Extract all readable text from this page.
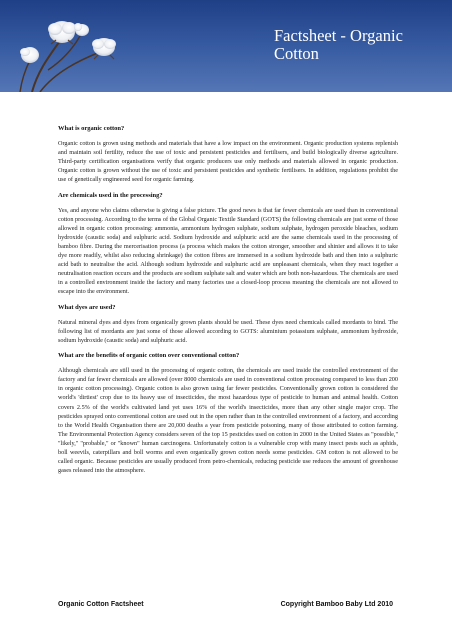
Factsheet - Organic Cotton

What is organic cotton?

Organic cotton is grown using methods and materials that have a low impact on the environment. Organic production systems replenish and maintain soil fertility, reduce the use of toxic and persistent pesticides and fertilisers, and build biologically diverse agriculture. Third-party certification organisations verify that organic producers use only methods and materials allowed in organic production. Organic cotton is grown without the use of toxic and persistent pesticides and synthetic fertilisers. In addition, regulations prohibit the use of genetically engineered seed for organic farming.

Are chemicals used in the processing?

Yes, and anyone who claims otherwise is giving a false picture. The good news is that far fewer chemicals are used than in conventional cotton processing. According to the terms of the Global Organic Textile Standard (GOTS) the following chemicals are just some of those allowed in organic cotton processing: ammonia, ammonium hydrogen sulphate, sodium sulphate, hydrogen peroxide bleaches, sodium hydroxide (caustic soda) and sulphuric acid. Sodium hydroxide and sulphuric acid are the same chemicals used in the processing of bamboo fibre. During the mercerisation process (a process which makes the cotton stronger, smoother and shinier and allows it to take dye more readily, whilst also reducing shrinkage) the cotton fibres are immersed in a sodium hydroxide bath and then into a sulphuric acid bath to neutralise the acid. Although sodium hydroxide and sulphuric acid are unpleasant chemicals, when they react together a neutralisation reaction occurs and the products are sodium sulphate salt and water which are both non-hazardous. The chemicals are used in a controlled environment inside the factory and many factories use a closed-loop process meaning the chemicals are not allowed to escape into the environment.

What dyes are used?

Natural mineral dyes and dyes from organically grown plants should be used. These dyes need chemicals called mordants to bind. The following list of mordants are just some of those allowed according to GOTS: aluminium potassium sulphate, ammonium hydroxide, sodium hydroxide (caustic soda) and sulphuric acid.

What are the benefits of organic cotton over conventional cotton?

Although chemicals are still used in the processing of organic cotton, the chemicals are used inside the controlled environment of the factory and far fewer chemicals are allowed (over 8000 chemicals are used in conventional cotton processing compared to less than 200 in organic cotton processing). Organic cotton is also grown using far fewer pesticides. Conventionally grown cotton is considered the world's 'dirtiest' crop due to its heavy use of insecticides, the most hazardous type of pesticide to human and animal health. Cotton covers 2.5% of the world's cultivated land yet uses 16% of the world's insecticides, more than any other single major crop. The pesticides sprayed onto conventional cotton are used out in the open rather than in the controlled environment of a factory, and according to the World Health Organisation there are 20,000 deaths a year from pesticide poisoning, many of those attributed to cotton farming. The Environmental Protection Agency considers seven of the top 15 pesticides used on cotton in 2000 in the United States as "possible," "likely," "probable," or "known" human carcinogens. Unfortunately cotton is a vulnerable crop with many insect pests such as aphids, boll weevils, caterpillars and boll worms and even organically grown cotton needs some pesticides. GM cotton is not allowed to be called organic. Because pesticides are usually produced from petro-chemicals, reducing pesticide use reduces the amount of greenhouse gases released into the atmosphere.

Organic Cotton Factsheet	Copyright Bamboo Baby Ltd 2010
